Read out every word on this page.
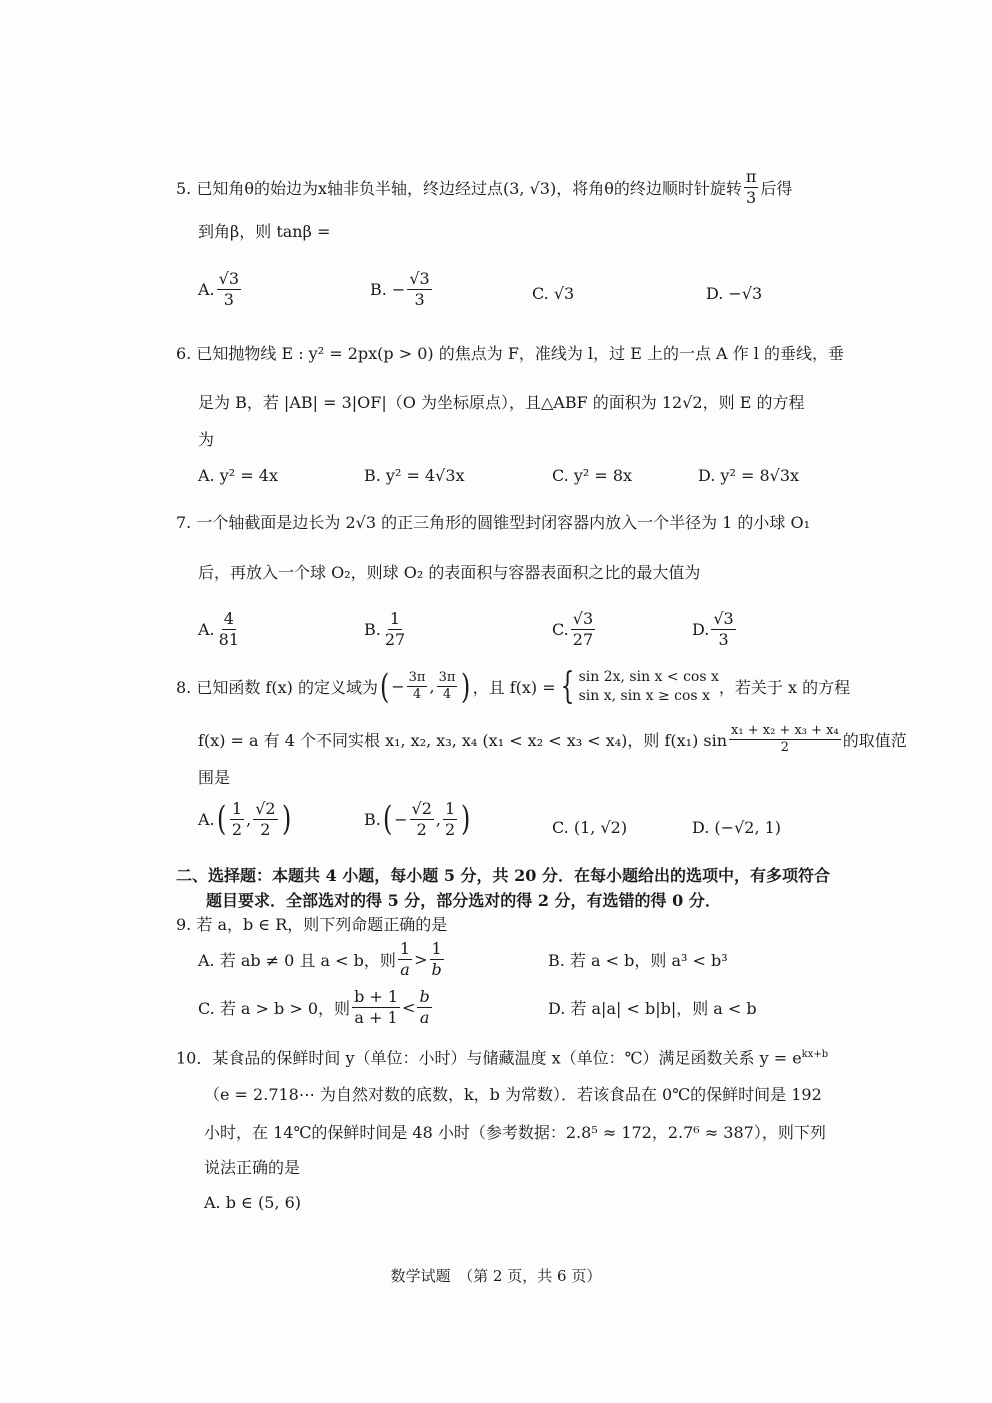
5. 已知角θ的始边为x轴非负半轴，终边经过点(3, √3)，将角θ的终边顺时针旋转 $\frac{\pi}{3}$ 后得
到角β，则 tanβ =
A. $\frac{√3}{3}$	B. − $\frac{√3}{3}$	C. √3	D. −√3
6. 已知抛物线 E : y² = 2px(p > 0) 的焦点为 F，准线为 l，过 E 上的一点 A 作 l 的垂线，垂
足为 B，若 |AB| = 3|OF|（O 为坐标原点），且△ABF 的面积为 12√2，则 E 的方程
为
A. y² = 4x	B. y² = 4√3x	C. y² = 8x	D. y² = 8√3x
7. 一个轴截面是边长为 2√3 的正三角形的圆锥型封闭容器内放入一个半径为 1 的小球 O₁
后，再放入一个球 O₂，则球 O₂ 的表面积与容器表面积之比的最大值为
A. $\frac{4}{81}$	B. $\frac{1}{27}$	C. $\frac{√3}{27}$	D. $\frac{√3}{3}$
8. 已知函数 f(x) 的定义域为 ( − $\frac{3\pi}{4}$ , $\frac{3\pi}{4}$ ) ，且 f(x) = { sin 2x, sin x < cos x
sin x, sin x ≥ cos x ，若关于 x 的方程
f(x) = a 有 4 个不同实根 x₁, x₂, x₃, x₄ (x₁ < x₂ < x₃ < x₄)，则 f(x₁) $\sin \frac{\text{x₁ + x₂ + x₃ + x₄}}{2}$ 的取值范
围是
A. ( $\frac{1}{2}$ , $\frac{√2}{2}$ )	B. ( − $\frac{√2}{2}$ , $\frac{1}{2}$ )	C. (1, √2)	D. (−√2, 1)
二、选择题：本题共 4 小题，每小题 5 分，共 20 分．在每小题给出的选项中，有多项符合
题目要求．全部选对的得 5 分，部分选对的得 2 分，有选错的得 0 分．
9. 若 a，b ∈ R，则下列命题正确的是
A. 若 ab ≠ 0 且 a < b，则 $\frac{1}{a} > \frac{1}{b}$	B. 若 a < b，则 a³ < b³
C. 若 a > b > 0，则 $\frac{b + 1}{a + 1} < \frac{b}{a}$	D. 若 a|a| < b|b|，则 a < b
10．某食品的保鲜时间 y（单位：小时）与储藏温度 x（单位：℃）满足函数关系 $y = e^{kx+b}$
（e = 2.718⋯ 为自然对数的底数，k，b 为常数）．若该食品在 0℃的保鲜时间是 192
小时，在 14℃的保鲜时间是 48 小时（参考数据：2.8⁵ ≈ 172，2.7⁶ ≈ 387），则下列
说法正确的是
A. b ∈ (5, 6)
数学试题　（第 2 页，共 6 页）
